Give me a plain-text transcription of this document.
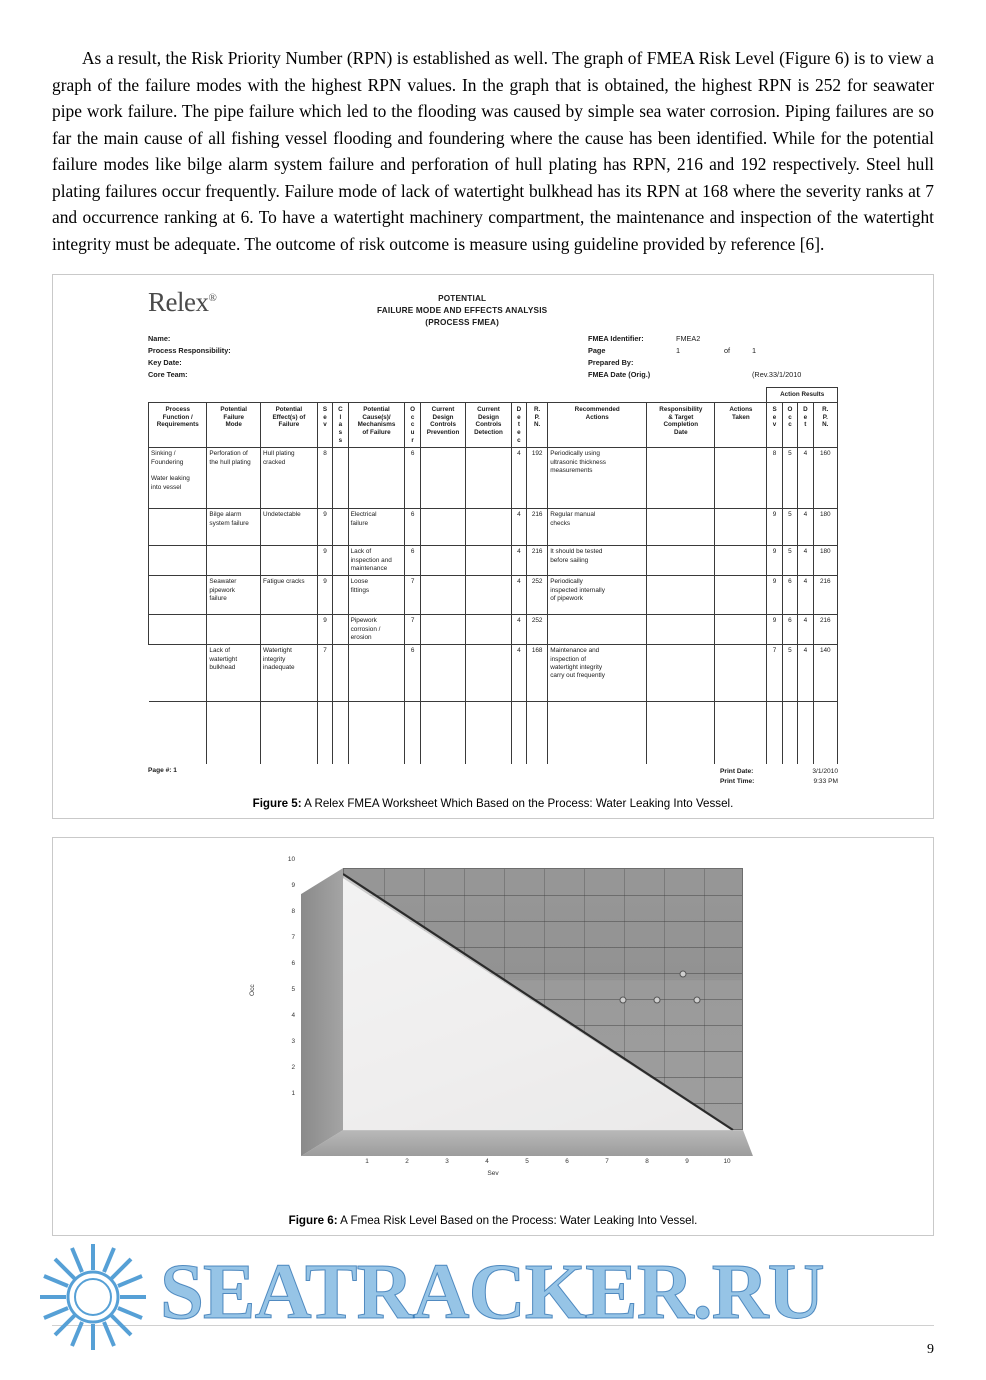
As a result, the Risk Priority Number (RPN) is established as well. The graph of FMEA Risk Level (Figure 6) is to view a graph of the failure modes with the highest RPN values. In the graph that is obtained, the highest RPN is 252 for seawater pipe work failure. The pipe failure which led to the flooding was caused by simple sea water corrosion. Piping failures are so far the main cause of all fishing vessel flooding and foundering where the cause has been identified. While for the potential failure modes like bilge alarm system failure and perforation of hull plating has RPN, 216 and 192 respectively. Steel hull plating failures occur frequently. Failure mode of lack of watertight bulkhead has its RPN at 168 where the severity ranks at 7 and occurrence ranking at 6. To have a watertight machinery compartment, the maintenance and inspection of the watertight integrity must be adequate. The outcome of risk outcome is measure using guideline provided by reference [6].

Relex®	POTENTIAL
FAILURE MODE AND EFFECTS ANALYSIS
(PROCESS FMEA)
Name:
Process Responsibility:
Key Date:
Core Team:
FMEA Identifier:	FMEA2
Page	1	of	1
Prepared By:
FMEA Date (Orig.)	(Rev.33/1/2010
														Action Results			
Process
Function /
Requirements	Potential
Failure
Mode	Potential
Effect(s) of
Failure	S
e
v	C
l
a
s
s	Potential
Cause(s)/
Mechanisms
of Failure	O
c
c
u
r	Current
Design
Controls
Prevention	Current
Design
Controls
Detection	D
e
t
e
c	R.
P.
N.	Recommended
Actions	Responsibility
& Target
Completion
Date	Actions
Taken	S
e
v	O
c
c	D
e
t	R.
P.
N.
Sinking /
Foundering

Water leaking
into vessel	Perforation of
the hull plating	Hull plating
cracked	8			6			4	192	Periodically using
ultrasonic thickness
measurements			8	5	4	160
	Bilge alarm
system failure	Undetectable	9		Electrical
failure	6			4	216	Regular manual
checks			9	5	4	180
			9		Lack of
inspection and
maintenance	6			4	216	It should be tested
before sailing			9	5	4	180
	Seawater
pipework
failure	Fatigue cracks	9		Loose
fittings	7			4	252	Periodically
inspected internally
of pipework			9	6	4	216
			9		Pipework
corrosion /
erosion	7			4	252				9	6	4	216
	Lack of
watertight
bulkhead	Watertight
integrity
inadequate	7			6			4	168	Maintenance and
inspection of
watertight integrity
carry out frequently			7	5	4	140

Page #: 1	Print Date:	3/1/2010
Print Time:	9:33 PM
Figure 5: A Relex FMEA Worksheet Which Based on the Process: Water Leaking Into Vessel.
Occ
10
9
8
7
6
5
4
3
2
1
1	2	3	4	5	6	7	8	9	10
Sev
Figure 6: A Fmea Risk Level Based on the Process: Water Leaking Into Vessel.
9
SEATRACKER.RU
